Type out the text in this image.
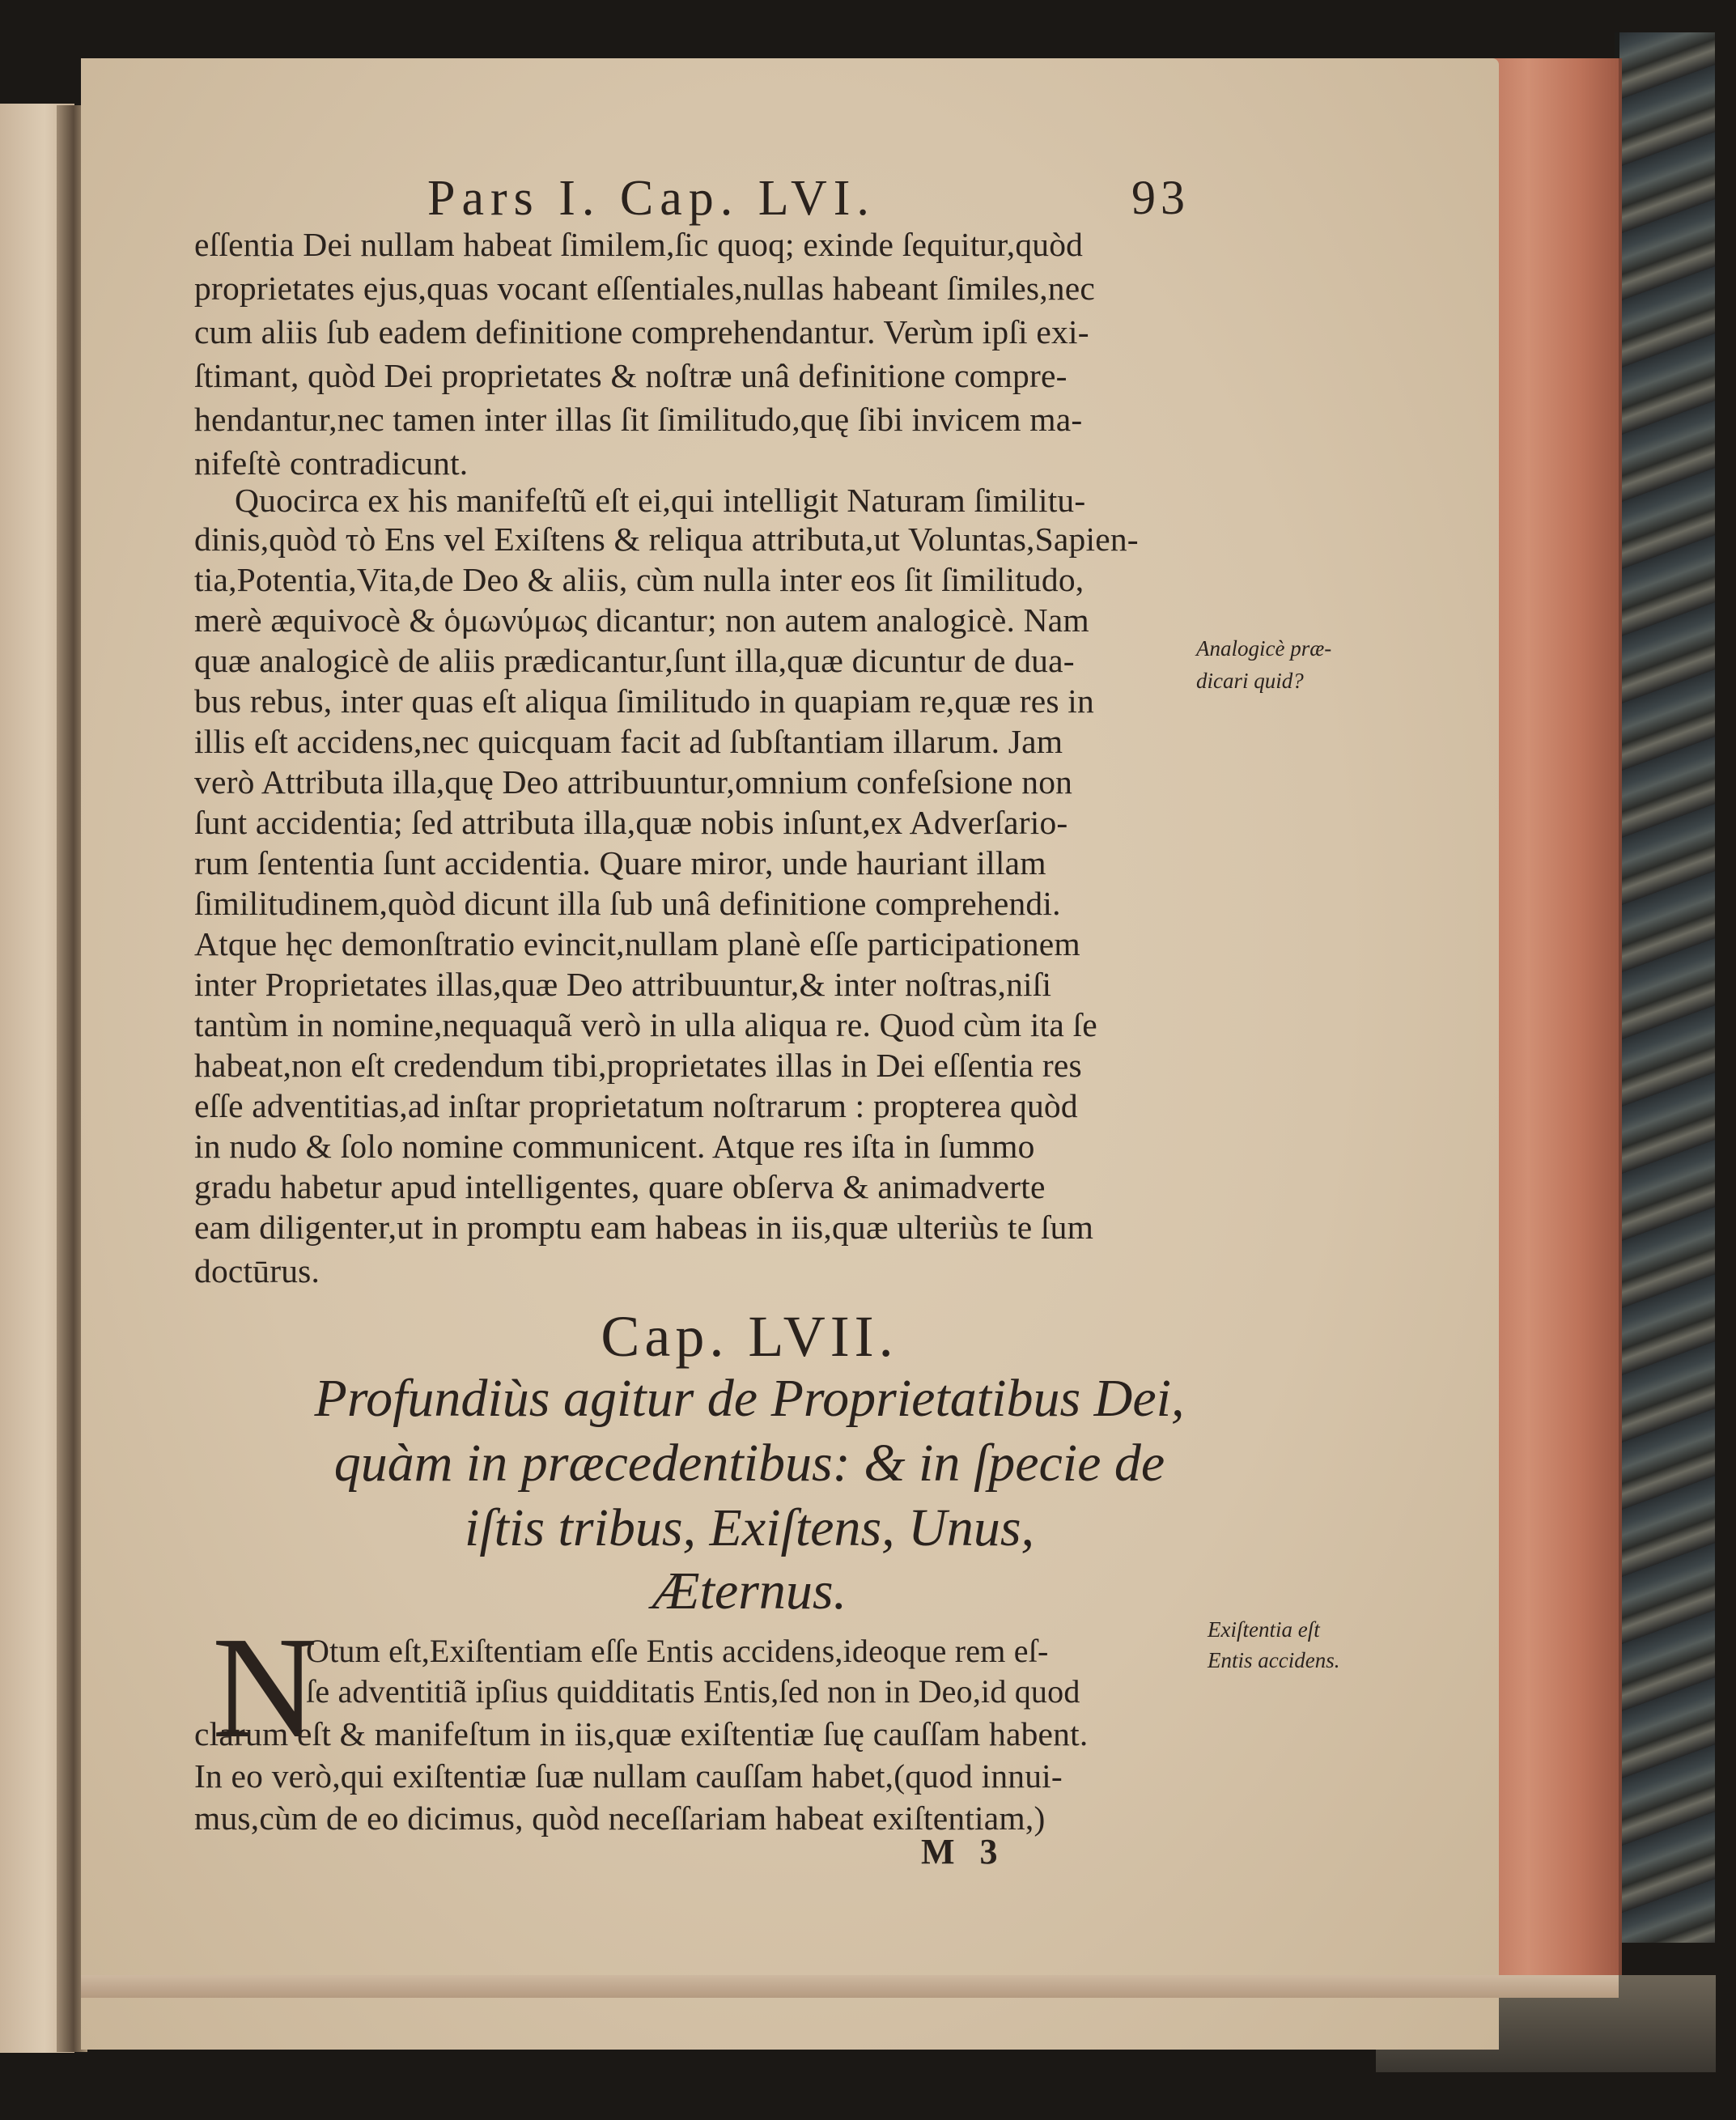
Pars I. Cap. LVI.	93
eſſentia Dei nullam habeat ſimilem,ſic quoq; exinde ſequitur,quòd
proprietates ejus,quas vocant eſſentiales,nullas habeant ſimiles,nec
cum aliis ſub eadem definitione comprehendantur. Verùm ipſi exi-
ſtimant, quòd Dei proprietates & noſtræ unâ definitione compre-
hendantur,nec tamen inter illas ſit ſimilitudo,quę ſibi invicem ma-
nifeſtè contradicunt.
Quocirca ex his manifeſtũ eſt ei,qui intelligit Naturam ſimilitu-
dinis,quòd τὸ Ens vel Exiſtens & reliqua attributa,ut Voluntas,Sapien-
tia,Potentia,Vita,de Deo & aliis, cùm nulla inter eos ſit ſimilitudo,
merè æquivocè & ὁμωνύμως dicantur; non autem analogicè. Nam
quæ analogicè de aliis prædicantur,ſunt illa,quæ dicuntur de dua-
bus rebus, inter quas eſt aliqua ſimilitudo in quapiam re,quæ res in
illis eſt accidens,nec quicquam facit ad ſubſtantiam illarum. Jam
verò Attributa illa,quę Deo attribuuntur,omnium confeſsione non
ſunt accidentia; ſed attributa illa,quæ nobis inſunt,ex Adverſario-
rum ſententia ſunt accidentia. Quare miror, unde hauriant illam
ſimilitudinem,quòd dicunt illa ſub unâ definitione comprehendi.
Atque hęc demonſtratio evincit,nullam planè eſſe participationem
inter Proprietates illas,quæ Deo attribuuntur,& inter noſtras,niſi
tantùm in nomine,nequaquã verò in ulla aliqua re. Quod cùm ita ſe
habeat,non eſt credendum tibi,proprietates illas in Dei eſſentia res
eſſe adventitias,ad inſtar proprietatum noſtrarum : propterea quòd
in nudo & ſolo nomine communicent. Atque res iſta in ſummo
gradu habetur apud intelligentes, quare obſerva & animadverte
eam diligenter,ut in promptu eam habeas in iis,quæ ulteriùs te ſum
doctūrus.
Analogicè præ-
dicari quid?
Cap. LVII.
Profundiùs agitur de Proprietatibus Dei,
quàm in præcedentibus: & in ſpecie de
iſtis tribus, Exiſtens, Unus,
Æternus.
N
Otum eſt,Exiſtentiam eſſe Entis accidens,ideoque rem eſ-
ſe adventitiã ipſius quidditatis Entis,ſed non in Deo,id quod
clarum eſt & manifeſtum in iis,quæ exiſtentiæ ſuę cauſſam habent.
In eo verò,qui exiſtentiæ ſuæ nullam cauſſam habet,(quod innui-
mus,cùm de eo dicimus, quòd neceſſariam habeat exiſtentiam,)
Exiſtentia eſt
Entis accidens.
M 3
